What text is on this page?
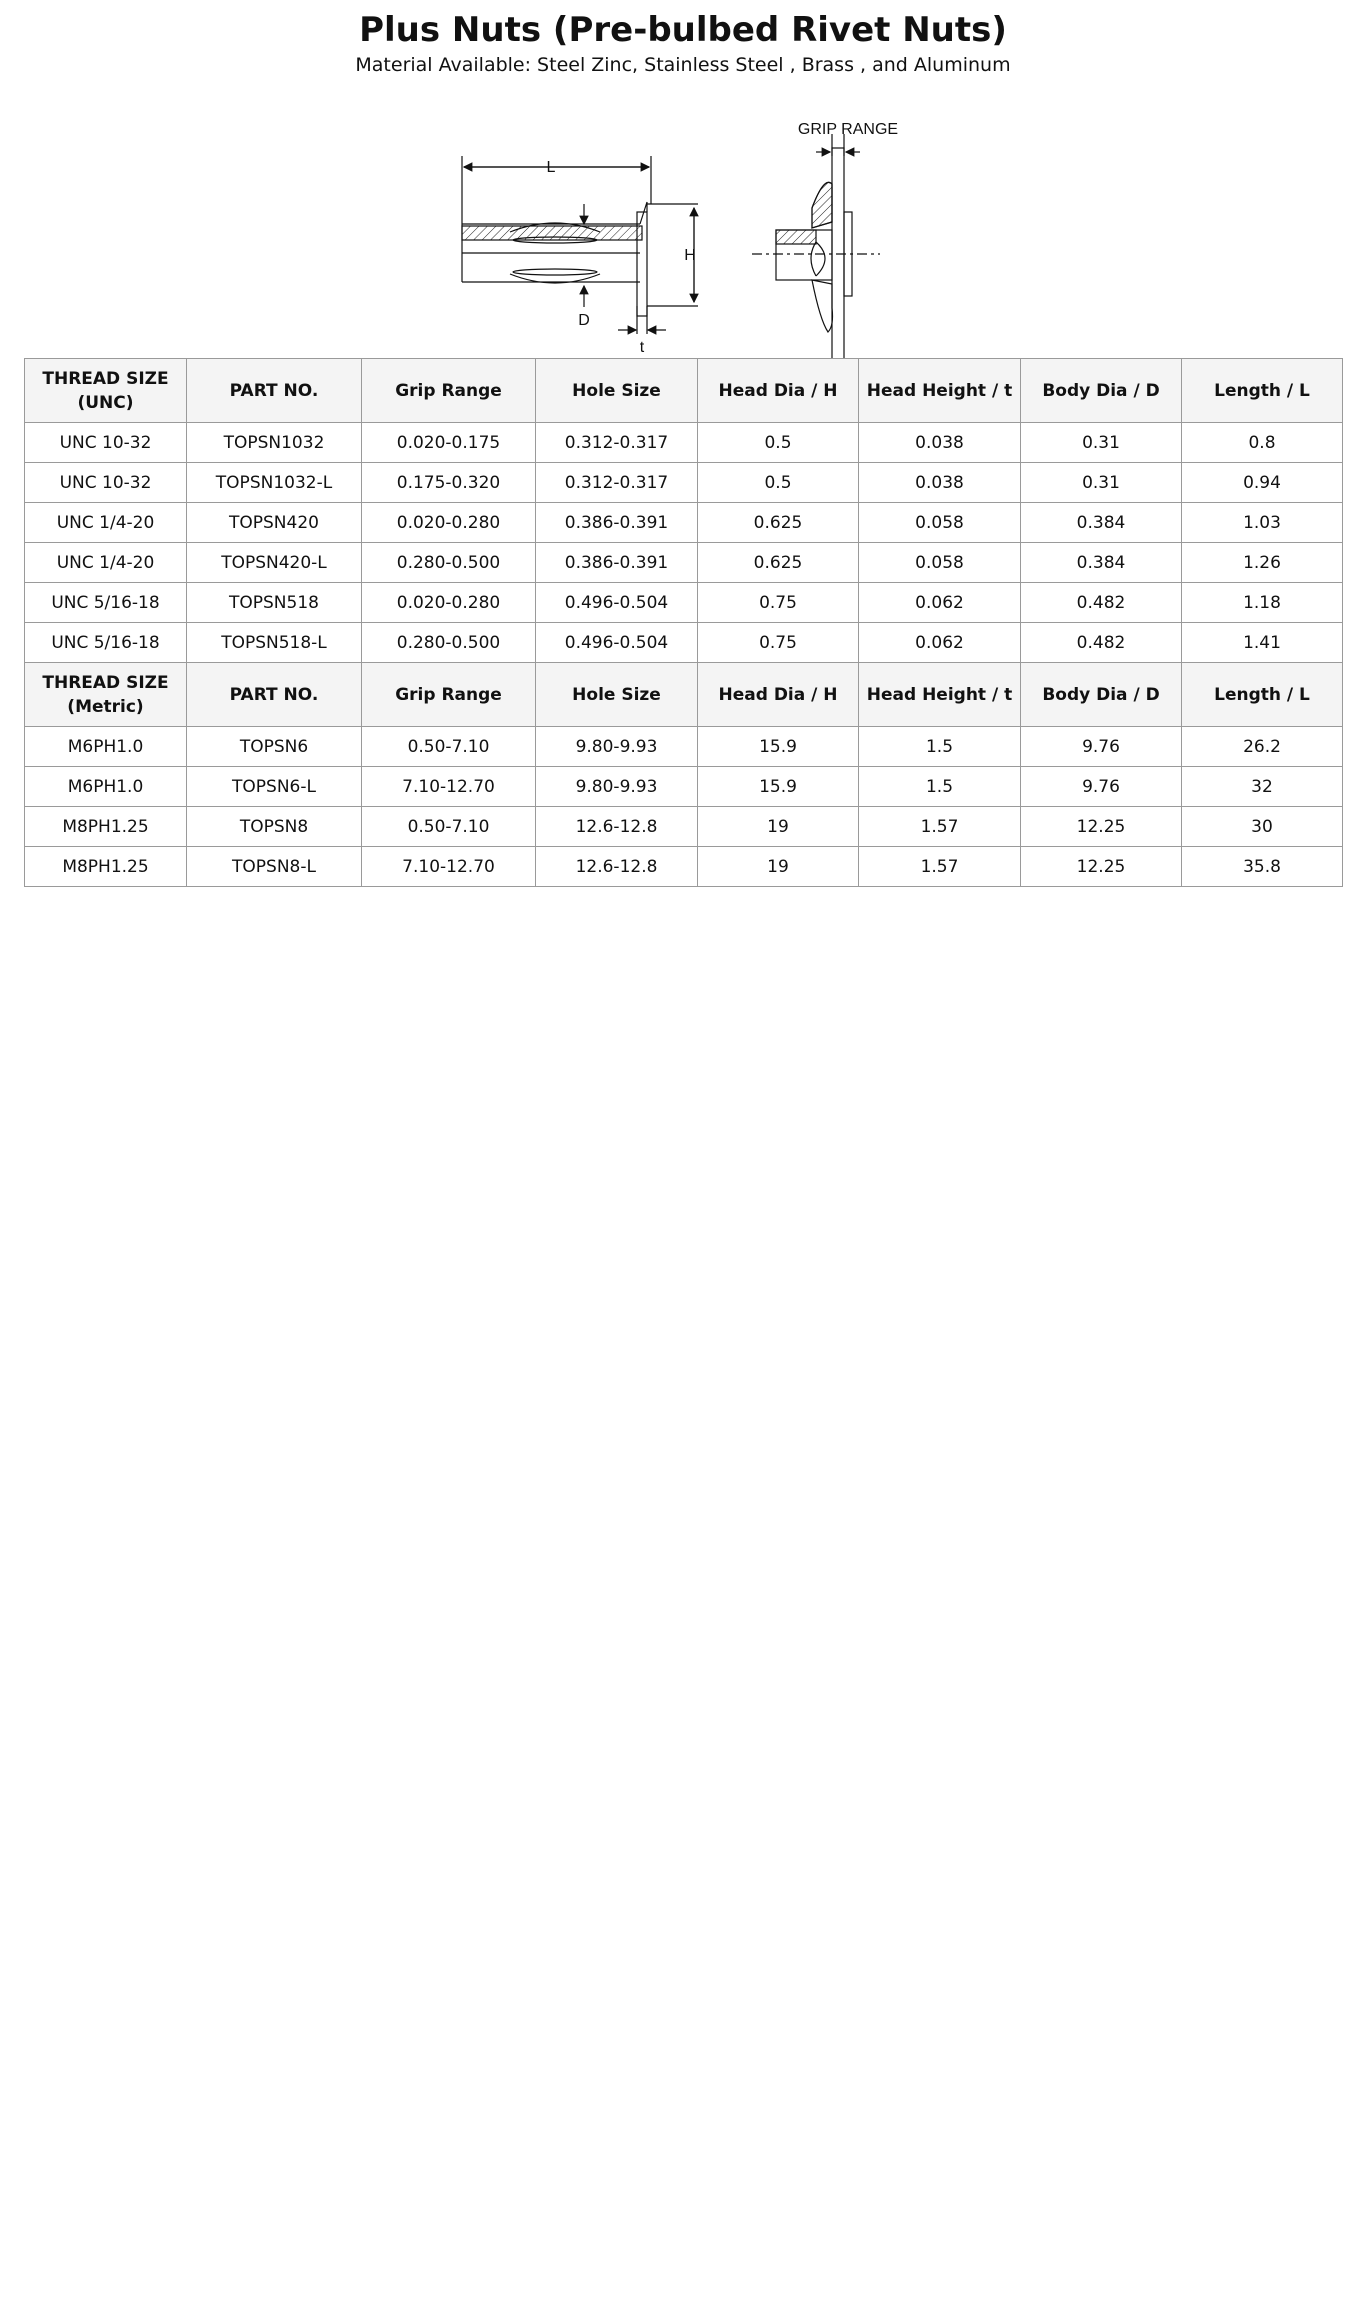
Plus Nuts (Pre-bulbed Rivet Nuts)
Material Available: Steel Zinc, Stainless Steel , Brass , and Aluminum
L
H
D
t
GRIP RANGE
THREAD SIZE
(UNC)	PART NO.	Grip Range	Hole Size	Head Dia / H	Head Height / t	Body Dia / D	Length / L
UNC 10-32	TOPSN1032	0.020-0.175	0.312-0.317	0.5	0.038	0.31	0.8
UNC 10-32	TOPSN1032-L	0.175-0.320	0.312-0.317	0.5	0.038	0.31	0.94
UNC 1/4-20	TOPSN420	0.020-0.280	0.386-0.391	0.625	0.058	0.384	1.03
UNC 1/4-20	TOPSN420-L	0.280-0.500	0.386-0.391	0.625	0.058	0.384	1.26
UNC 5/16-18	TOPSN518	0.020-0.280	0.496-0.504	0.75	0.062	0.482	1.18
UNC 5/16-18	TOPSN518-L	0.280-0.500	0.496-0.504	0.75	0.062	0.482	1.41
THREAD SIZE
(Metric)	PART NO.	Grip Range	Hole Size	Head Dia / H	Head Height / t	Body Dia / D	Length / L
M6PH1.0	TOPSN6	0.50-7.10	9.80-9.93	15.9	1.5	9.76	26.2
M6PH1.0	TOPSN6-L	7.10-12.70	9.80-9.93	15.9	1.5	9.76	32
M8PH1.25	TOPSN8	0.50-7.10	12.6-12.8	19	1.57	12.25	30
M8PH1.25	TOPSN8-L	7.10-12.70	12.6-12.8	19	1.57	12.25	35.8
